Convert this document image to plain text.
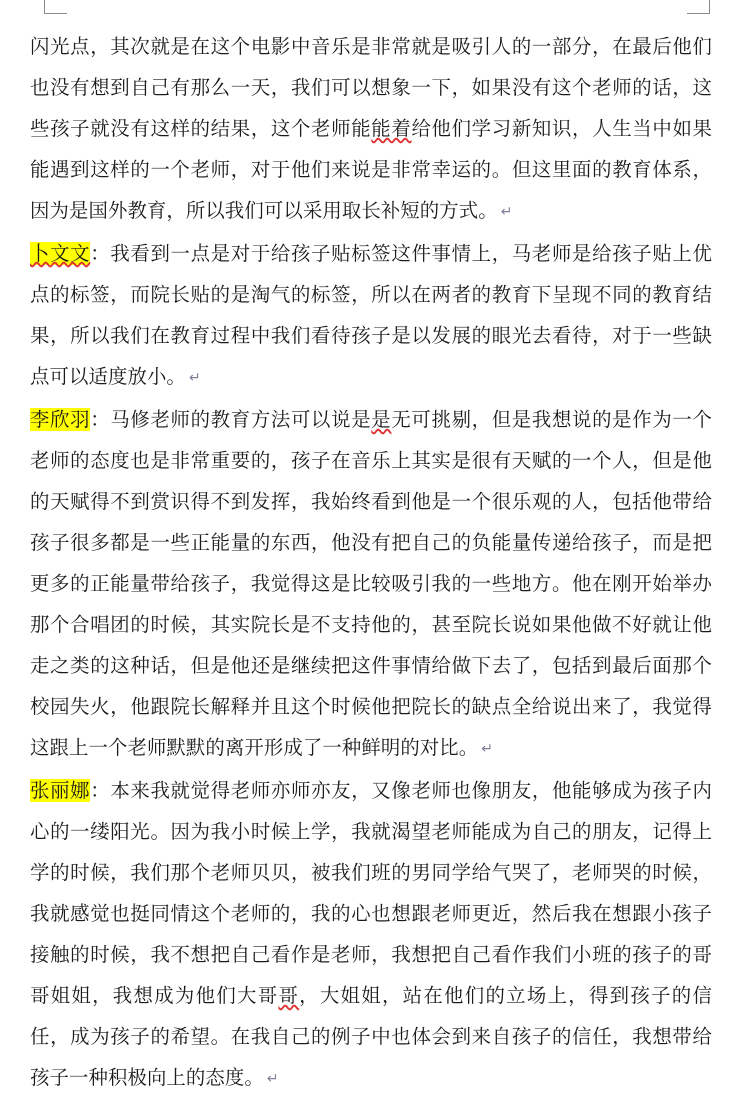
闪光点，其次就是在这个电影中音乐是非常就是吸引人的一部分，在最后他们也没有想到自己有那么一天，我们可以想象一下，如果没有这个老师的话，这些孩子就没有这样的结果，这个老师能能着给他们学习新知识，人生当中如果能遇到这样的一个老师，对于他们来说是非常幸运的。但这里面的教育体系，因为是国外教育，所以我们可以采用取长补短的方式。 ↵

卜文文：我看到一点是对于给孩子贴标签这件事情上，马老师是给孩子贴上优点的标签，而院长贴的是淘气的标签，所以在两者的教育下呈现不同的教育结果，所以我们在教育过程中我们看待孩子是以发展的眼光去看待，对于一些缺点可以适度放小。 ↵

李欣羽：马修老师的教育方法可以说是是无可挑剔，但是我想说的是作为一个老师的态度也是非常重要的，孩子在音乐上其实是很有天赋的一个人，但是他的天赋得不到赏识得不到发挥，我始终看到他是一个很乐观的人，包括他带给孩子很多都是一些正能量的东西，他没有把自己的负能量传递给孩子，而是把更多的正能量带给孩子，我觉得这是比较吸引我的一些地方。他在刚开始举办那个合唱团的时候，其实院长是不支持他的，甚至院长说如果他做不好就让他走之类的这种话，但是他还是继续把这件事情给做下去了，包括到最后面那个校园失火，他跟院长解释并且这个时候他把院长的缺点全给说出来了，我觉得这跟上一个老师默默的离开形成了一种鲜明的对比。 ↵

张丽娜：本来我就觉得老师亦师亦友，又像老师也像朋友，他能够成为孩子内心的一缕阳光。因为我小时候上学，我就渴望老师能成为自己的朋友，记得上学的时候，我们那个老师贝贝，被我们班的男同学给气哭了，老师哭的时候，我就感觉也挺同情这个老师的，我的心也想跟老师更近，然后我在想跟小孩子接触的时候，我不想把自己看作是老师，我想把自己看作我们小班的孩子的哥哥姐姐，我想成为他们大哥哥，大姐姐，站在他们的立场上，得到孩子的信任，成为孩子的希望。在我自己的例子中也体会到来自孩子的信任，我想带给孩子一种积极向上的态度。 ↵
